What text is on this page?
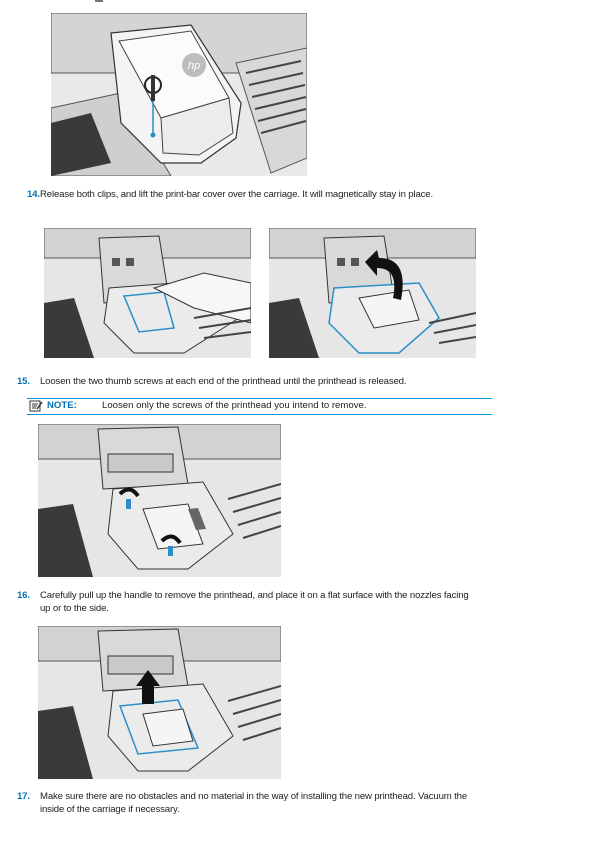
hp
14. Release both clips, and lift the print-bar cover over the carriage. It will magnetically stay in place.
15. Loosen the two thumb screws at each end of the printhead until the printhead is released.
NOTE:	Loosen only the screws of the printhead you intend to remove.
16. Carefully pull up the handle to remove the printhead, and place it on a flat surface with the nozzles facing
up or to the side.
17. Make sure there are no obstacles and no material in the way of installing the new printhead. Vacuum the
inside of the carriage if necessary.
